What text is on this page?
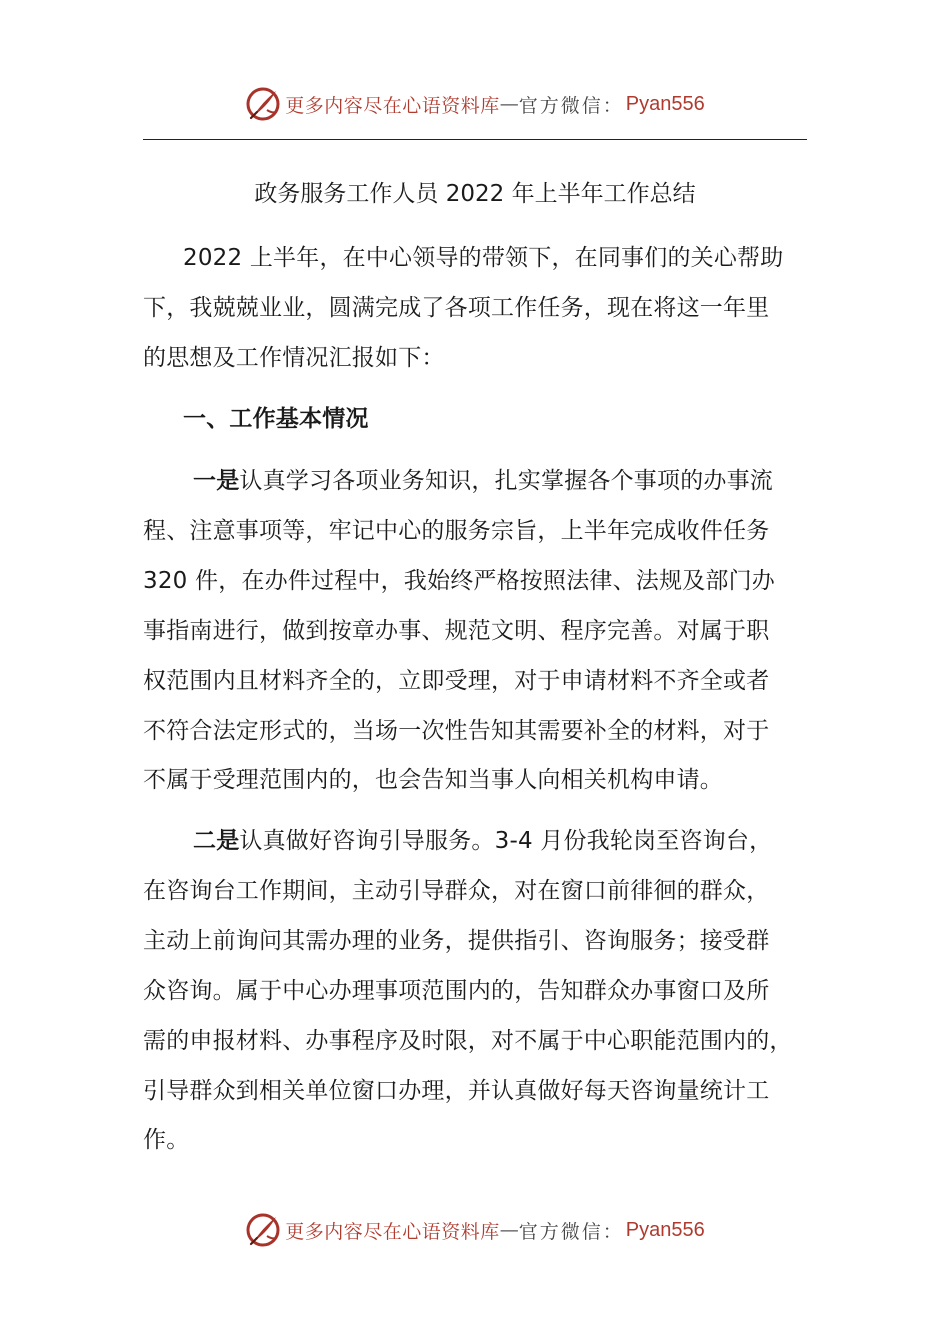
更多内容尽在心语资料库 — 官方微信： Pyan556
政务服务工作人员 2022 年上半年工作总结
2022 上半年，在中心领导的带领下，在同事们的关心帮助
下，我兢兢业业，圆满完成了各项工作任务，现在将这一年里
的思想及工作情况汇报如下：
一、工作基本情况
一是认真学习各项业务知识，扎实掌握各个事项的办事流
程、注意事项等，牢记中心的服务宗旨，上半年完成收件任务
320 件，在办件过程中，我始终严格按照法律、法规及部门办
事指南进行，做到按章办事、规范文明、程序完善。对属于职
权范围内且材料齐全的，立即受理，对于申请材料不齐全或者
不符合法定形式的，当场一次性告知其需要补全的材料，对于
不属于受理范围内的，也会告知当事人向相关机构申请。
二是认真做好咨询引导服务。3-4 月份我轮岗至咨询台，
在咨询台工作期间，主动引导群众，对在窗口前徘徊的群众，
主动上前询问其需办理的业务，提供指引、咨询服务；接受群
众咨询。属于中心办理事项范围内的，告知群众办事窗口及所
需的申报材料、办事程序及时限，对不属于中心职能范围内的，
引导群众到相关单位窗口办理，并认真做好每天咨询量统计工
作。
更多内容尽在心语资料库 — 官方微信： Pyan556
